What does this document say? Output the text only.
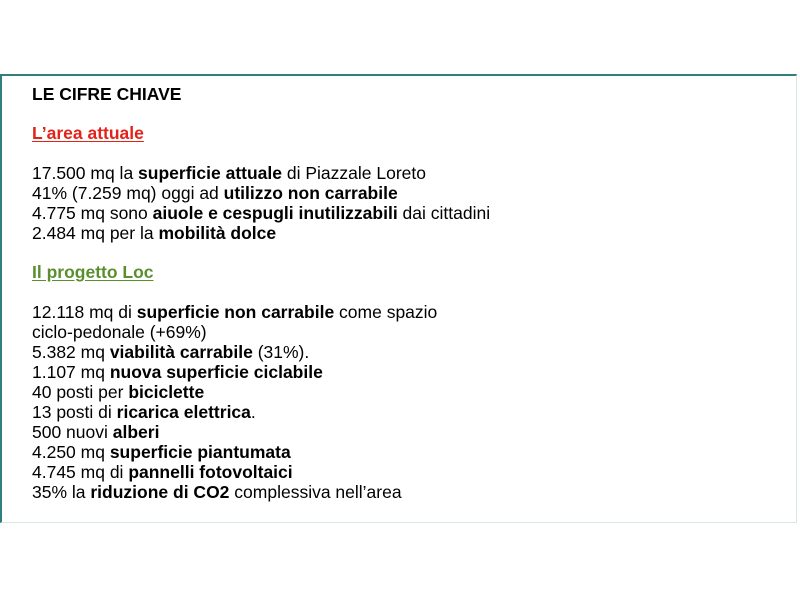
LE CIFRE CHIAVE

L’area attuale

17.500 mq la superficie attuale di Piazzale Loreto

41% (7.259 mq) oggi ad utilizzo non carrabile

4.775 mq sono aiuole e cespugli inutilizzabili dai cittadini

2.484 mq per la mobilità dolce

Il progetto Loc

12.118 mq di superficie non carrabile come spazio

ciclo-pedonale (+69%)

5.382 mq viabilità carrabile (31%).

1.107 mq nuova superficie ciclabile

40 posti per biciclette

13 posti di ricarica elettrica.

500 nuovi alberi

4.250 mq superficie piantumata

4.745 mq di pannelli fotovoltaici

35% la riduzione di CO2 complessiva nell’area
